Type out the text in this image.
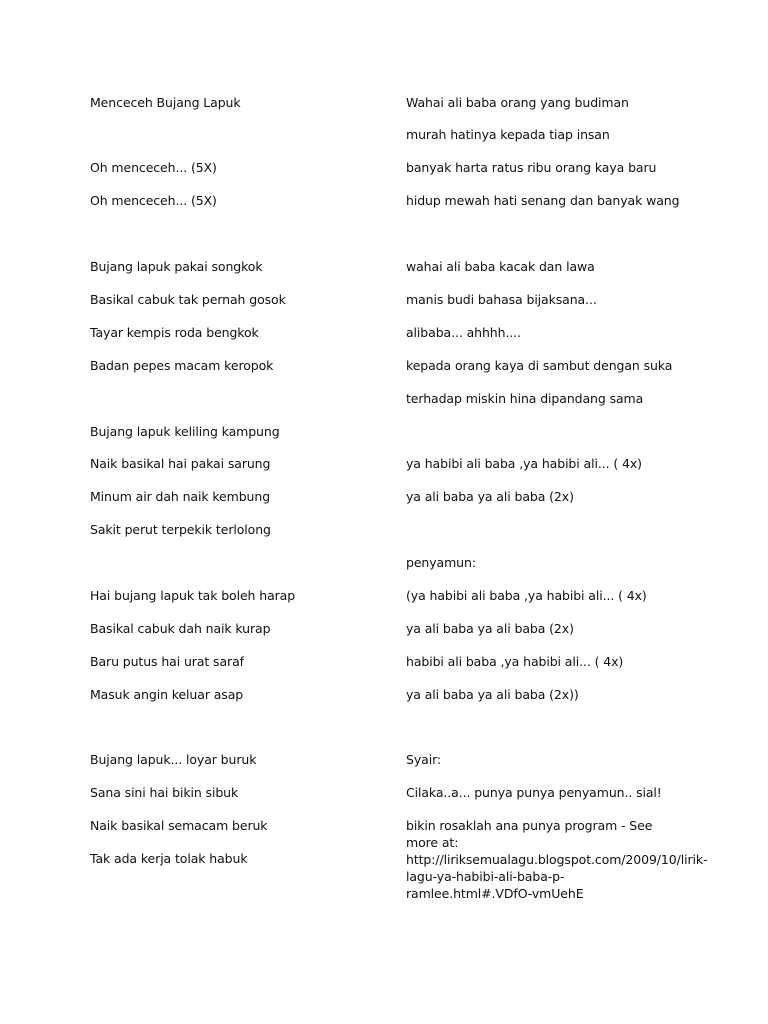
Menceceh Bujang Lapuk
Oh menceceh... (5X)
Oh menceceh... (5X)
Bujang lapuk pakai songkok
Basikal cabuk tak pernah gosok
Tayar kempis roda bengkok
Badan pepes macam keropok
Bujang lapuk keliling kampung
Naik basikal hai pakai sarung
Minum air dah naik kembung
Sakit perut terpekik terlolong
Hai bujang lapuk tak boleh harap
Basikal cabuk dah naik kurap
Baru putus hai urat saraf
Masuk angin keluar asap
Bujang lapuk... loyar buruk
Sana sini hai bikin sibuk
Naik basikal semacam beruk
Tak ada kerja tolak habuk
Wahai ali baba orang yang budiman
murah hatinya kepada tiap insan
banyak harta ratus ribu orang kaya baru
hidup mewah hati senang dan banyak wang
wahai ali baba kacak dan lawa
manis budi bahasa bijaksana...
alibaba... ahhhh....
kepada orang kaya di sambut dengan suka
terhadap miskin hina dipandang sama
ya habibi ali baba ,ya habibi ali... ( 4x)
ya ali baba ya ali baba (2x)
penyamun:
(ya habibi ali baba ,ya habibi ali... ( 4x)
ya ali baba ya ali baba (2x)
habibi ali baba ,ya habibi ali... ( 4x)
ya ali baba ya ali baba (2x))
Syair:
Cilaka..a... punya punya penyamun.. sial!
bikin rosaklah ana punya program - See more at: http://liriksemualagu.blogspot.com/2009/10/lirik-lagu-ya-habibi-ali-baba-p-ramlee.html#.VDfO-vmUehE
